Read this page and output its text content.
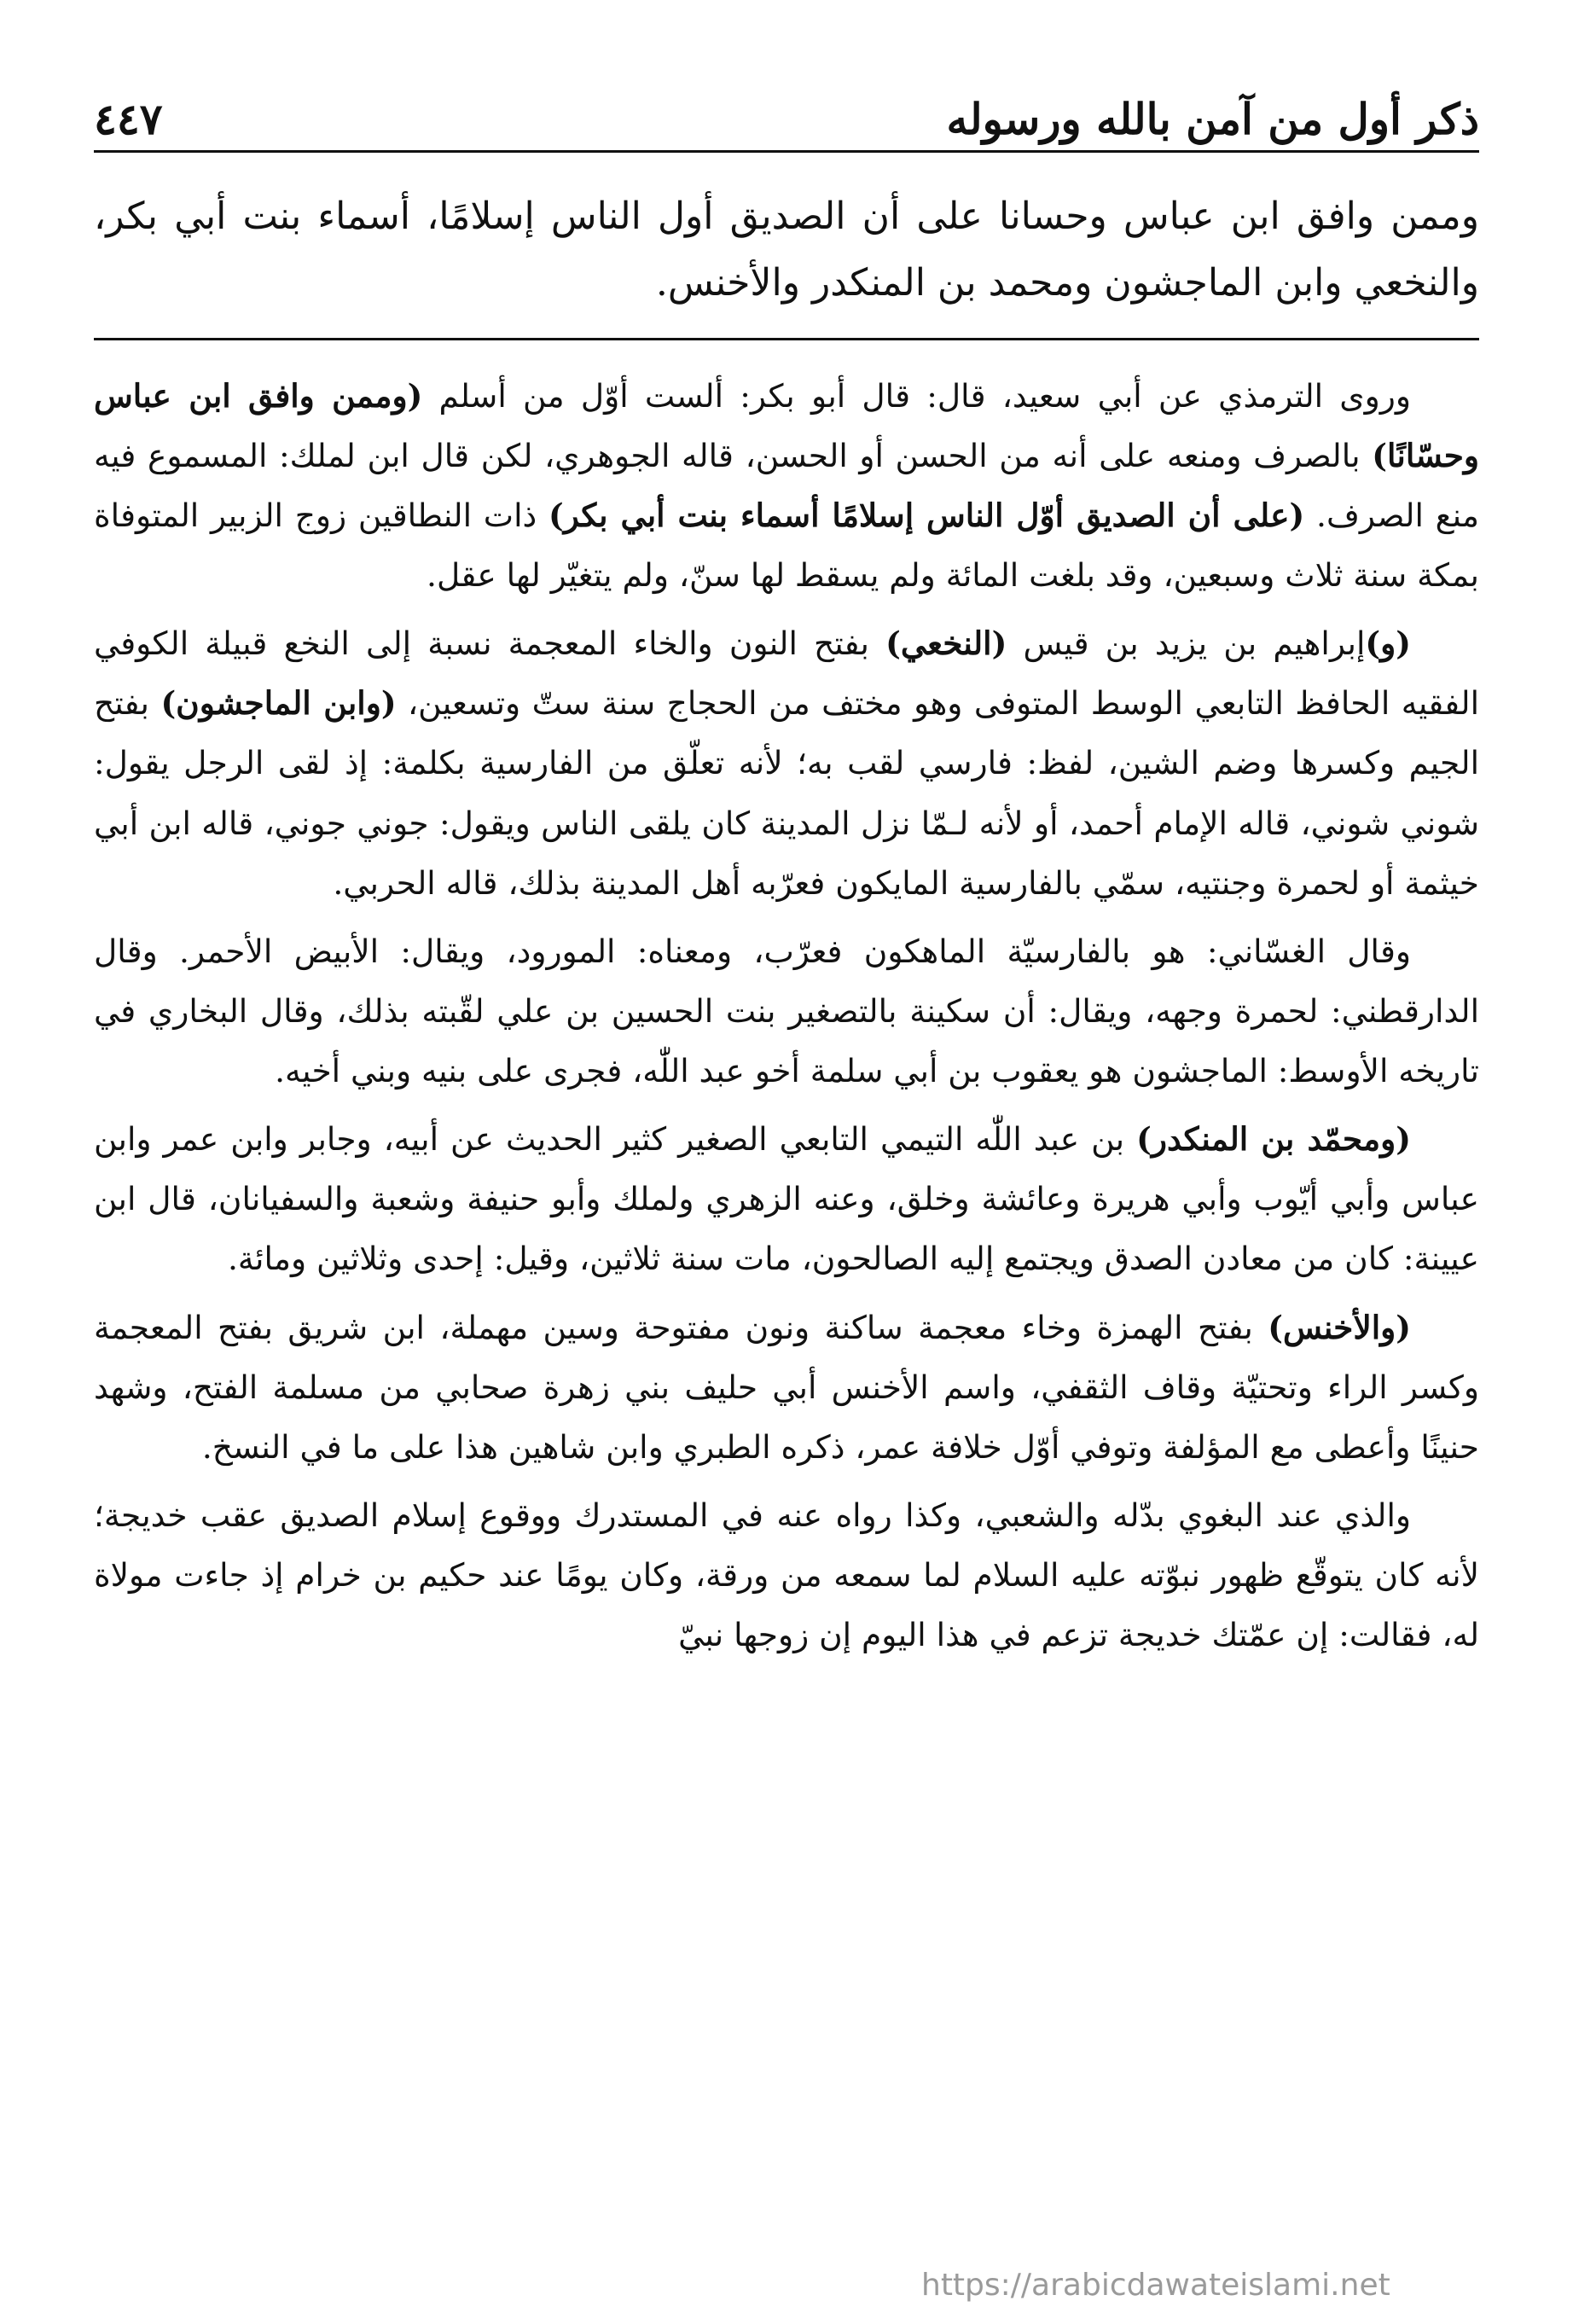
ذكر أول من آمن بالله ورسوله
٤٤٧

وممن وافق ابن عباس وحسانا على أن الصديق أول الناس إسلامًا، أسماء بنت أبي بكر، والنخعي وابن الماجشون ومحمد بن المنكدر والأخنس.

وروى الترمذي عن أبي سعيد، قال: قال أبو بكر: ألست أوّل من أسلم (وممن وافق ابن عباس وحسّانًا) بالصرف ومنعه على أنه من الحسن أو الحسن، قاله الجوهري، لكن قال ابن لملك: المسموع فيه منع الصرف. (على أن الصديق أوّل الناس إسلامًا أسماء بنت أبي بكر) ذات النطاقين زوج الزبير المتوفاة بمكة سنة ثلاث وسبعين، وقد بلغت المائة ولم يسقط لها سنّ، ولم يتغيّر لها عقل.

(و)إبراهيم بن يزيد بن قيس (النخعي) بفتح النون والخاء المعجمة نسبة إلى النخع قبيلة الكوفي الفقيه الحافظ التابعي الوسط المتوفى وهو مختف من الحجاج سنة ستّ وتسعين، (وابن الماجشون) بفتح الجيم وكسرها وضم الشين، لفظ: فارسي لقب به؛ لأنه تعلّق من الفارسية بكلمة: إذ لقى الرجل يقول: شوني شوني، قاله الإمام أحمد، أو لأنه لـمّا نزل المدينة كان يلقى الناس ويقول: جوني جوني، قاله ابن أبي خيثمة أو لحمرة وجنتيه، سمّي بالفارسية المايكون فعرّبه أهل المدينة بذلك، قاله الحربي.

وقال الغسّاني: هو بالفارسيّة الماهكون فعرّب، ومعناه: المورود، ويقال: الأبيض الأحمر. وقال الدارقطني: لحمرة وجهه، ويقال: أن سكينة بالتصغير بنت الحسين بن علي لقّبته بذلك، وقال البخاري في تاريخه الأوسط: الماجشون هو يعقوب بن أبي سلمة أخو عبد اللّٰه، فجرى على بنيه وبني أخيه.

(ومحمّد بن المنكدر) بن عبد اللّٰه التيمي التابعي الصغير كثير الحديث عن أبيه، وجابر وابن عمر وابن عباس وأبي أيّوب وأبي هريرة وعائشة وخلق، وعنه الزهري ولملك وأبو حنيفة وشعبة والسفيانان، قال ابن عيينة: كان من معادن الصدق ويجتمع إليه الصالحون، مات سنة ثلاثين، وقيل: إحدى وثلاثين ومائة.

(والأخنس) بفتح الهمزة وخاء معجمة ساكنة ونون مفتوحة وسين مهملة، ابن شريق بفتح المعجمة وكسر الراء وتحتيّة وقاف الثقفي، واسم الأخنس أبي حليف بني زهرة صحابي من مسلمة الفتح، وشهد حنينًا وأعطى مع المؤلفة وتوفي أوّل خلافة عمر، ذكره الطبري وابن شاهين هذا على ما في النسخ.

والذي عند البغوي بدّله والشعبي، وكذا رواه عنه في المستدرك ووقوع إسلام الصديق عقب خديجة؛ لأنه كان يتوقّع ظهور نبوّته عليه السلام لما سمعه من ورقة، وكان يومًا عند حكيم بن خرام إذ جاءت مولاة له، فقالت: إن عمّتك خديجة تزعم في هذا اليوم إن زوجها نبيّ

https://arabicdawateislami.net
